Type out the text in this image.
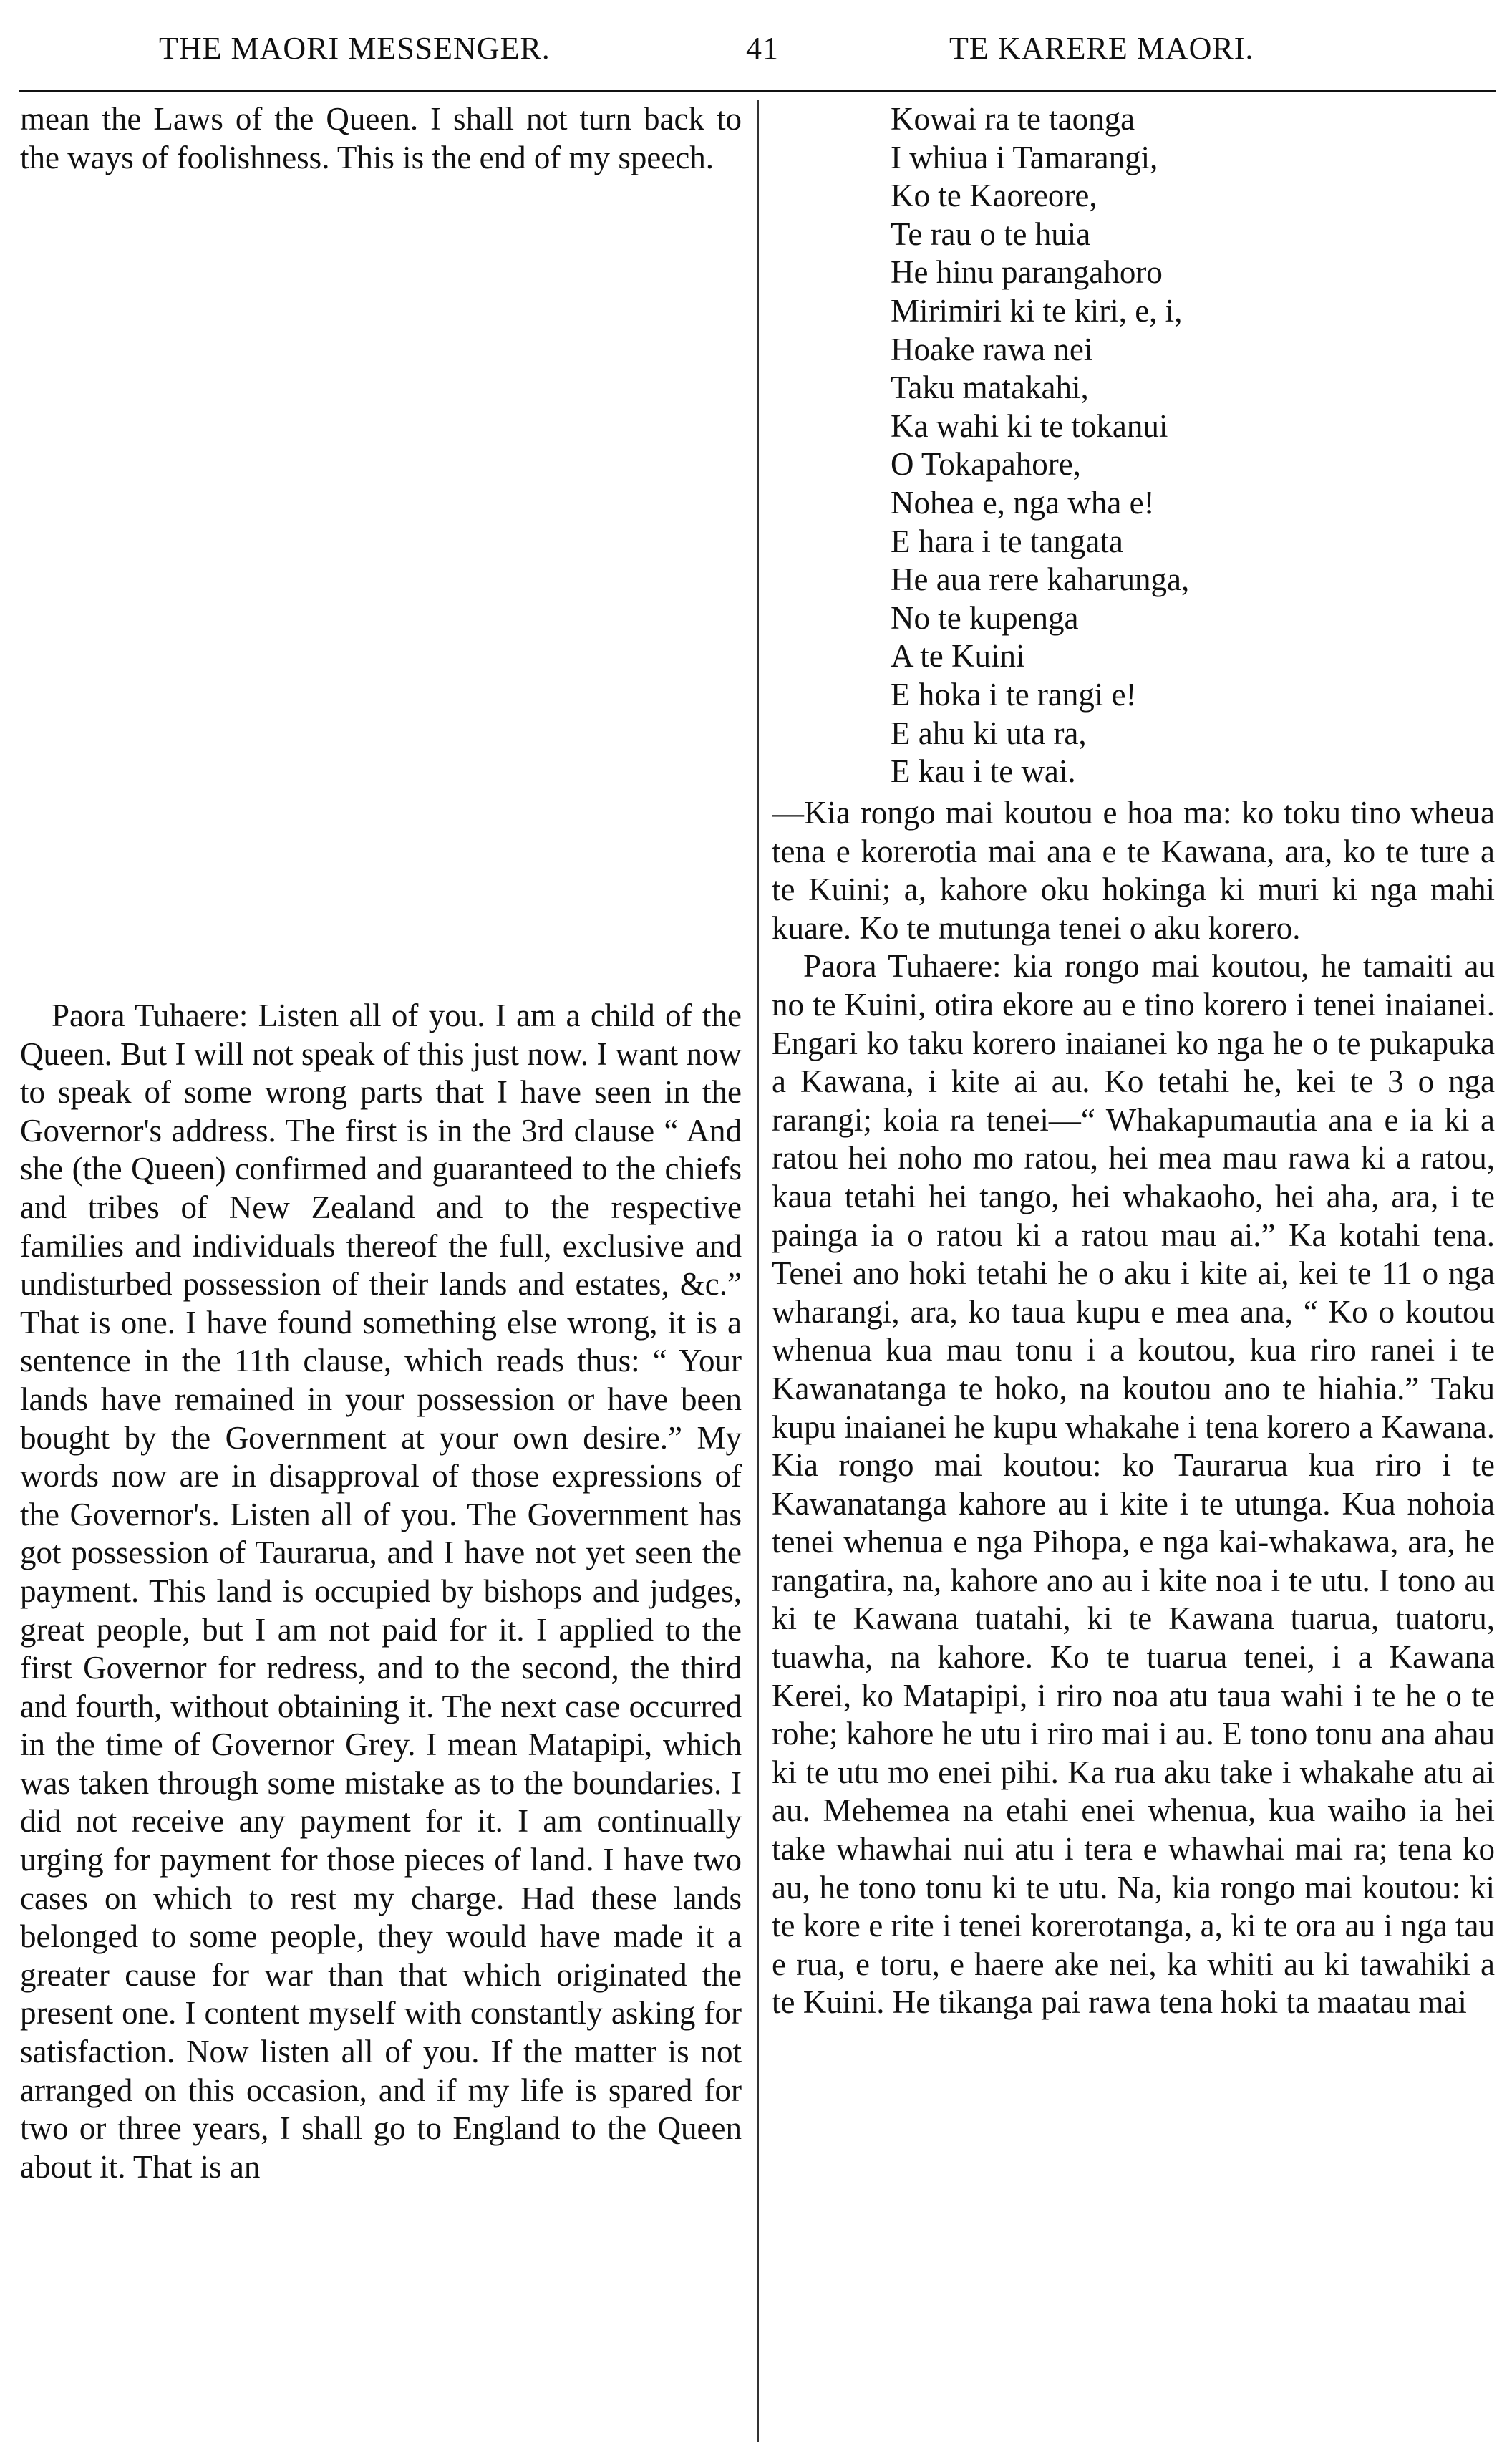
THE MAORI MESSENGER.	41	TE KARERE MAORI.

mean the Laws of the Queen. I shall not turn back to the ways of foolishness. This is the end of my speech.

Paora Tuhaere: Listen all of you. I am a child of the Queen. But I will not speak of this just now. I want now to speak of some wrong parts that I have seen in the Governor's address. The first is in the 3rd clause “ And she (the Queen) confirmed and guaranteed to the chiefs and tribes of New Zealand and to the respective families and individuals thereof the full, exclusive and undisturbed possession of their lands and estates, &c.” That is one. I have found something else wrong, it is a sentence in the 11th clause, which reads thus: “ Your lands have remained in your possession or have been bought by the Government at your own desire.” My words now are in disapproval of those expressions of the Governor's. Listen all of you. The Government has got possession of Taurarua, and I have not yet seen the payment. This land is occupied by bishops and judges, great people, but I am not paid for it. I applied to the first Governor for redress, and to the second, the third and fourth, without obtaining it. The next case occurred in the time of Governor Grey. I mean Matapipi, which was taken through some mistake as to the boundaries. I did not receive any payment for it. I am continually urging for payment for those pieces of land. I have two cases on which to rest my charge. Had these lands belonged to some people, they would have made it a greater cause for war than that which originated the present one. I content myself with constantly asking for satisfaction. Now listen all of you. If the matter is not arranged on this occasion, and if my life is spared for two or three years, I shall go to England to the Queen about it. That is an

Kowai ra te taonga
I whiua i Tamarangi,
Ko te Kaoreore,
Te rau o te huia
He hinu parangahoro
Mirimiri ki te kiri, e, i,
Hoake rawa nei
Taku matakahi,
Ka wahi ki te tokanui
O Tokapahore,
Nohea e, nga wha e!
E hara i te tangata
He aua rere kaharunga,
No te kupenga
A te Kuini
E hoka i te rangi e!
E ahu ki uta ra,
E kau i te wai.

—Kia rongo mai koutou e hoa ma: ko toku tino wheua tena e korerotia mai ana e te Kawana, ara, ko te ture a te Kuini; a, kahore oku hokinga ki muri ki nga mahi kuare. Ko te mutunga tenei o aku korero.

Paora Tuhaere: kia rongo mai koutou, he tamaiti au no te Kuini, otira ekore au e tino korero i tenei inaianei. Engari ko taku korero inaianei ko nga he o te pukapuka a Kawana, i kite ai au. Ko tetahi he, kei te 3 o nga rarangi; koia ra tenei—“ Whakapumautia ana e ia ki a ratou hei noho mo ratou, hei mea mau rawa ki a ratou, kaua tetahi hei tango, hei whakaoho, hei aha, ara, i te painga ia o ratou ki a ratou mau ai.” Ka kotahi tena. Tenei ano hoki tetahi he o aku i kite ai, kei te 11 o nga wharangi, ara, ko taua kupu e mea ana, “ Ko o koutou whenua kua mau tonu i a koutou, kua riro ranei i te Kawanatanga te hoko, na koutou ano te hiahia.” Taku kupu inaianei he kupu whakahe i tena korero a Kawana. Kia rongo mai koutou: ko Taurarua kua riro i te Kawanatanga kahore au i kite i te utunga. Kua nohoia tenei whenua e nga Pihopa, e nga kai-whakawa, ara, he rangatira, na, kahore ano au i kite noa i te utu. I tono au ki te Kawana tuatahi, ki te Kawana tuarua, tuatoru, tuawha, na kahore. Ko te tuarua tenei, i a Kawana Kerei, ko Matapipi, i riro noa atu taua wahi i te he o te rohe; kahore he utu i riro mai i au. E tono tonu ana ahau ki te utu mo enei pihi. Ka rua aku take i whakahe atu ai au. Mehemea na etahi enei whenua, kua waiho ia hei take whawhai nui atu i tera e whawhai mai ra; tena ko au, he tono tonu ki te utu. Na, kia rongo mai koutou: ki te kore e rite i tenei korerotanga, a, ki te ora au i nga tau e rua, e toru, e haere ake nei, ka whiti au ki tawahiki a te Kuini. He tikanga pai rawa tena hoki ta maatau mai
